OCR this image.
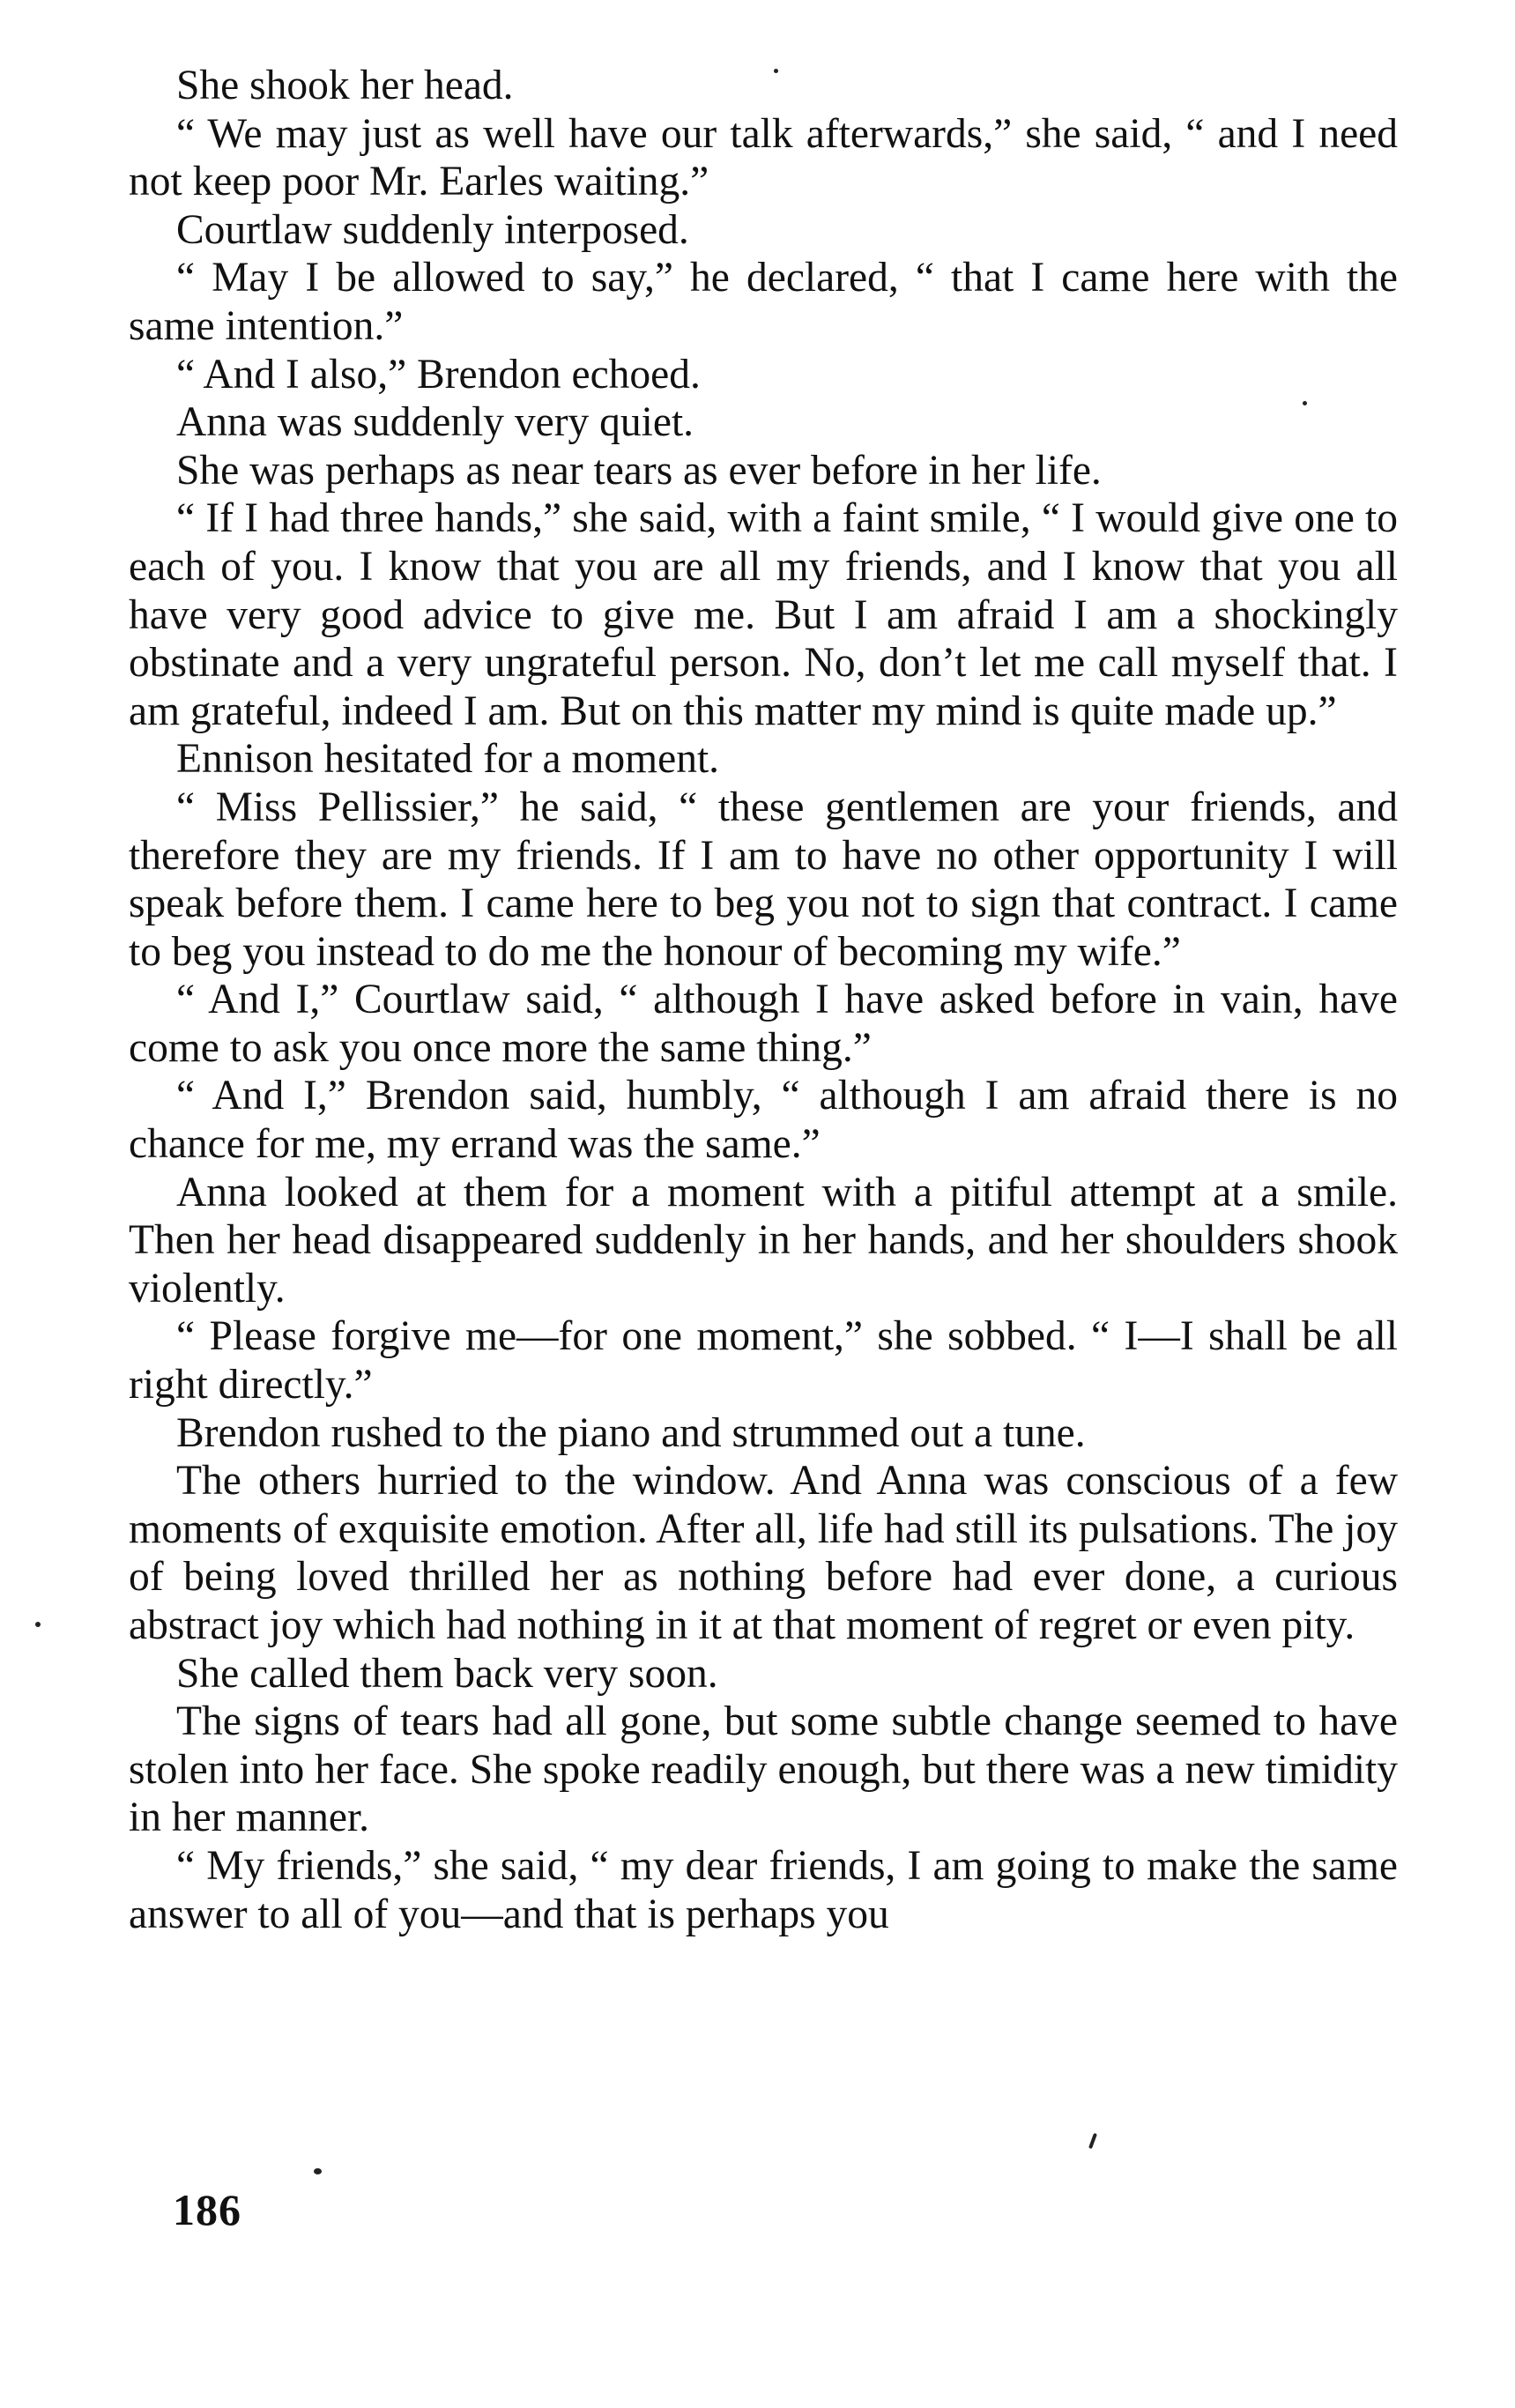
She shook her head.

“ We may just as well have our talk afterwards,” she said, “ and I need not keep poor Mr. Earles waiting.”

Courtlaw suddenly interposed.

“ May I be allowed to say,” he declared, “ that I came here with the same intention.”

“ And I also,” Brendon echoed.

Anna was suddenly very quiet.

She was perhaps as near tears as ever before in her life.

“ If I had three hands,” she said, with a faint smile, “ I would give one to each of you. I know that you are all my friends, and I know that you all have very good advice to give me. But I am afraid I am a shockingly obstinate and a very ungrateful person. No, don’t let me call myself that. I am grateful, indeed I am. But on this matter my mind is quite made up.”

Ennison hesitated for a moment.

“ Miss Pellissier,” he said, “ these gentlemen are your friends, and therefore they are my friends. If I am to have no other opportunity I will speak before them. I came here to beg you not to sign that contract. I came to beg you instead to do me the honour of becoming my wife.”

“ And I,” Courtlaw said, “ although I have asked before in vain, have come to ask you once more the same thing.”

“ And I,” Brendon said, humbly, “ although I am afraid there is no chance for me, my errand was the same.”

Anna looked at them for a moment with a pitiful attempt at a smile. Then her head disappeared suddenly in her hands, and her shoulders shook violently.

“ Please forgive me—for one moment,” she sobbed. “ I—I shall be all right directly.”

Brendon rushed to the piano and strummed out a tune.

The others hurried to the window. And Anna was conscious of a few moments of exquisite emotion. After all, life had still its pulsations. The joy of being loved thrilled her as nothing before had ever done, a curious abstract joy which had nothing in it at that moment of regret or even pity.

She called them back very soon.

The signs of tears had all gone, but some subtle change seemed to have stolen into her face. She spoke readily enough, but there was a new timidity in her manner.

“ My friends,” she said, “ my dear friends, I am going to make the same answer to all of you—and that is perhaps you

186
